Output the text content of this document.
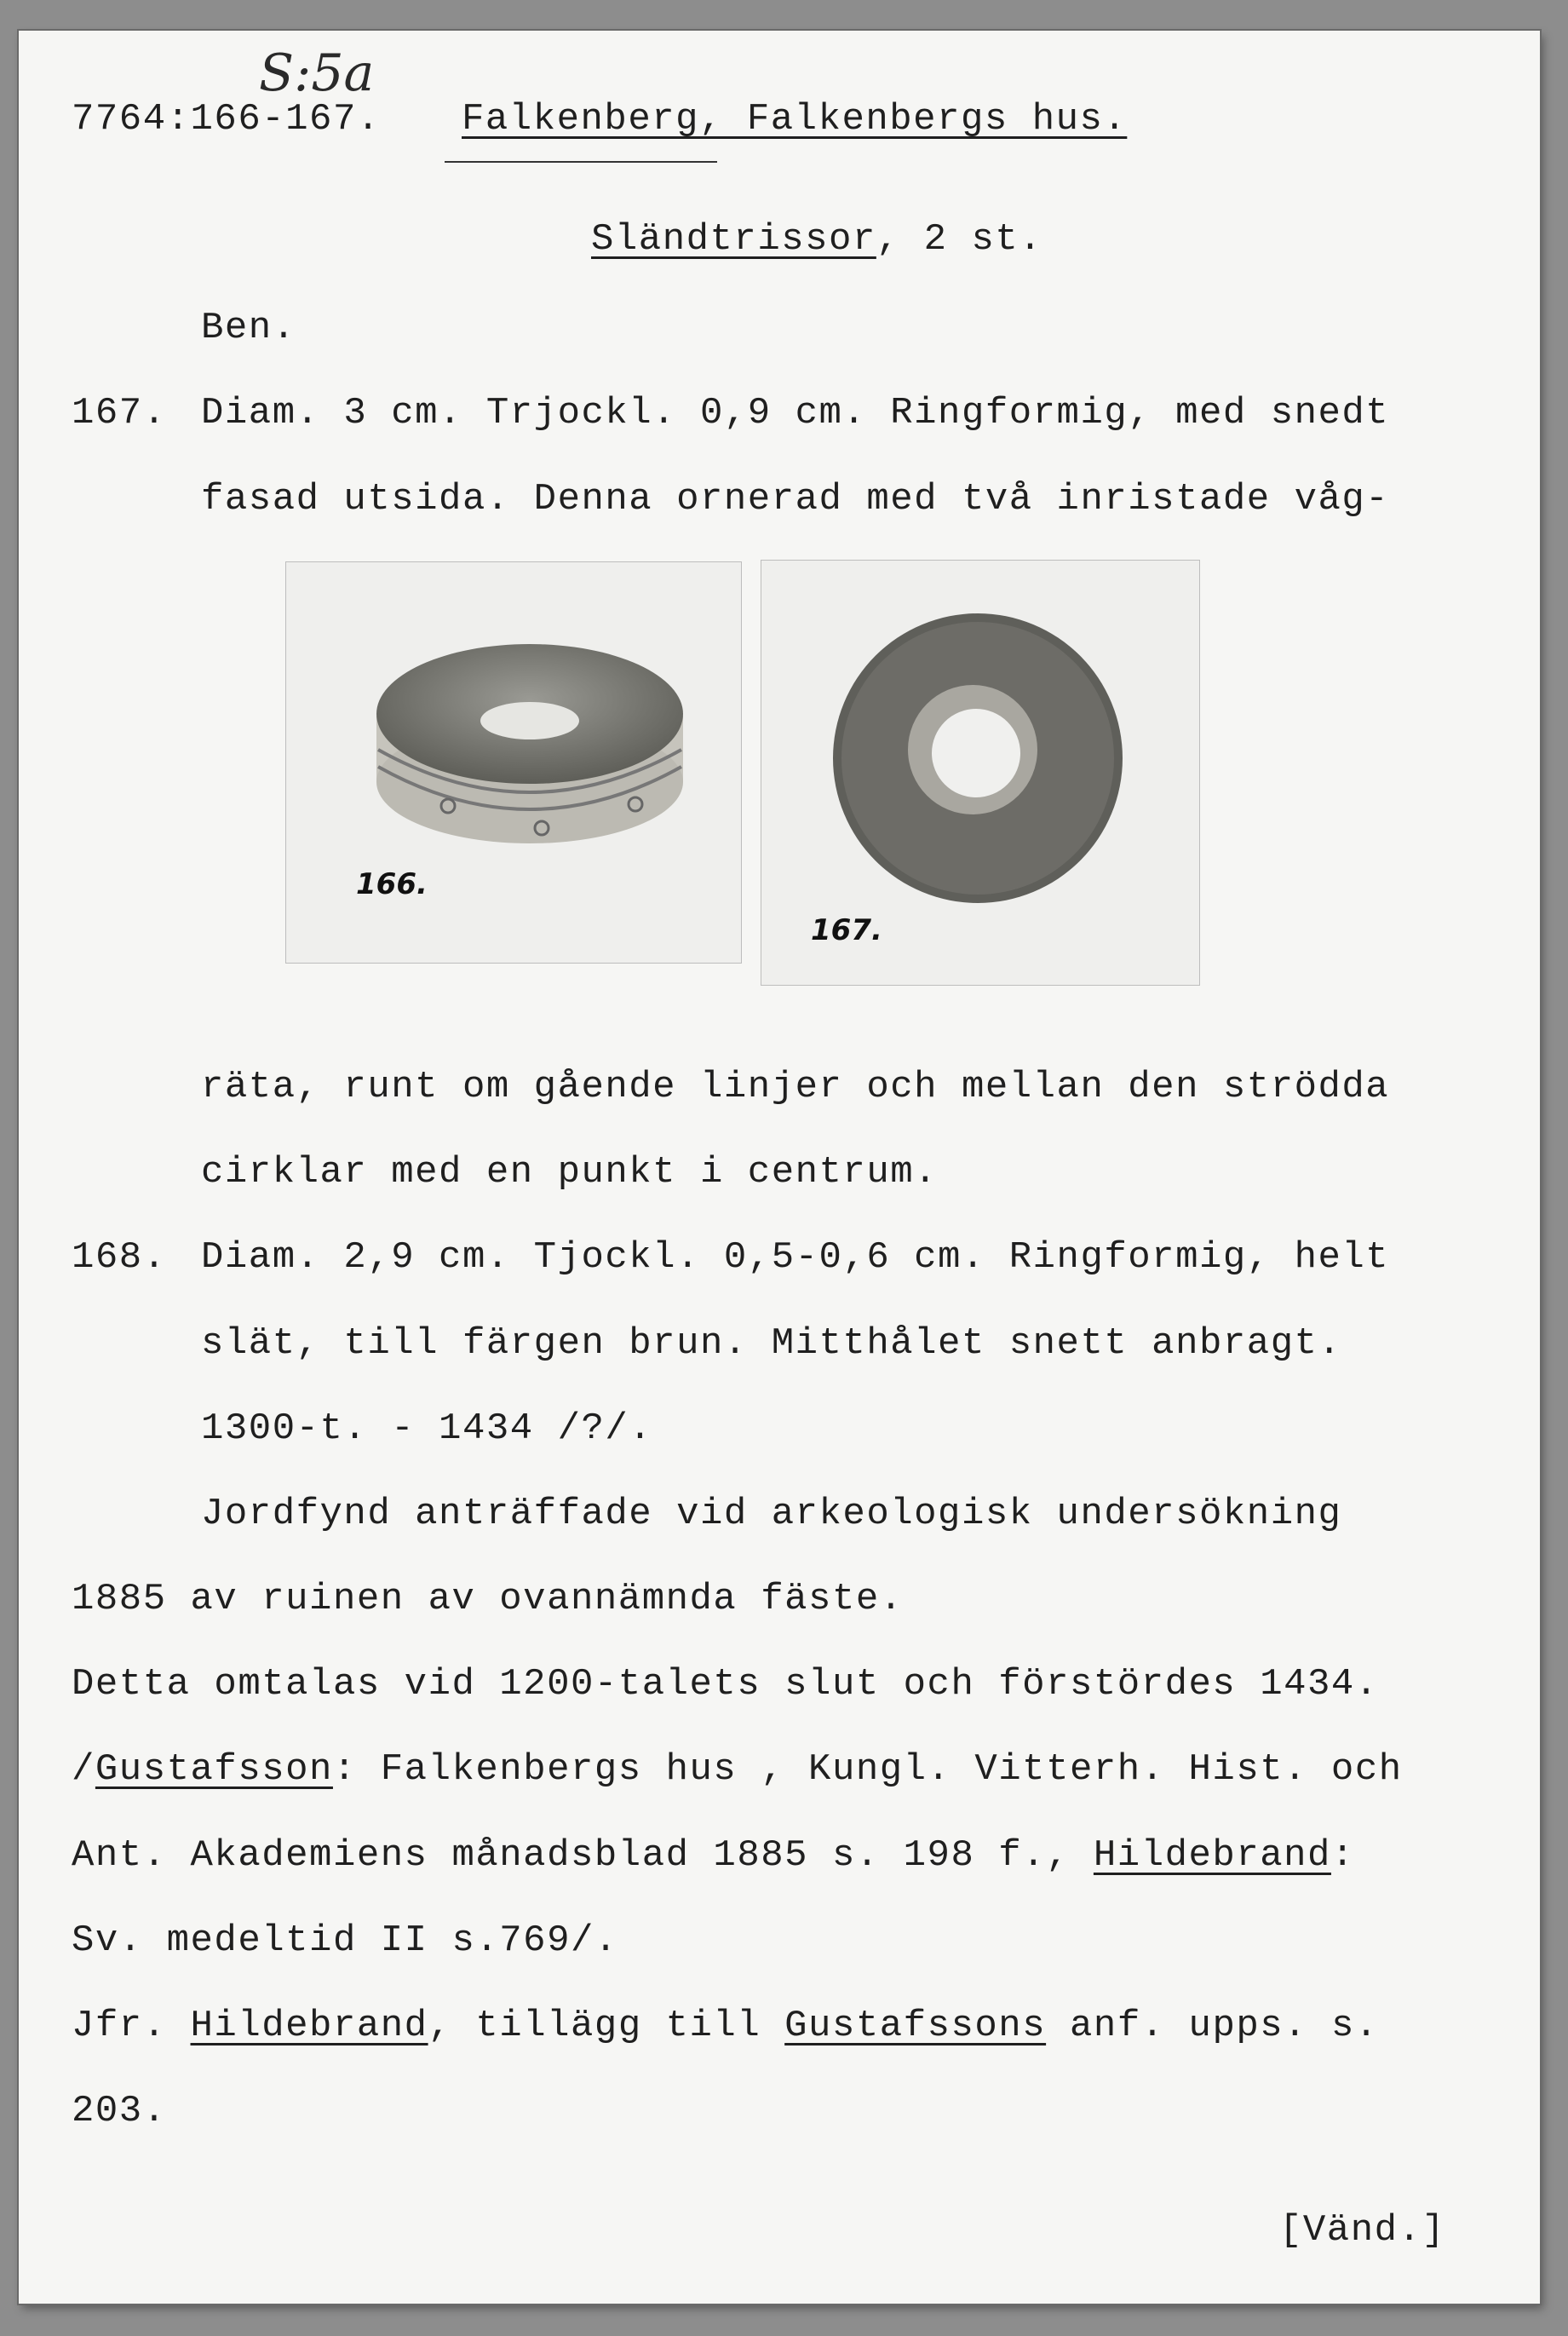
S:5a
7764:166-167. Falkenberg, Falkenbergs hus.
Sländtrissor, 2 st.
Ben.
167. Diam. 3 cm. Trjockl. 0,9 cm. Ringformig, med snedt
fasad utsida. Denna ornerad med två inristade våg-
166.
167.
räta, runt om gående linjer och mellan den strödda
cirklar med en punkt i centrum.
168. Diam. 2,9 cm. Tjockl. 0,5-0,6 cm. Ringformig, helt
slät, till färgen brun. Mitthålet snett anbragt.
1300-t. - 1434 /?/.
Jordfynd anträffade vid arkeologisk undersökning
1885 av ruinen av ovannämnda fäste.
Detta omtalas vid 1200-talets slut och förstördes 1434.
/Gustafsson: Falkenbergs hus , Kungl. Vitterh. Hist. och
Ant. Akademiens månadsblad 1885 s. 198 f., Hildebrand:
Sv. medeltid II s.769/.
Jfr. Hildebrand, tillägg till Gustafssons anf. upps. s.
203.
[Vänd.]
